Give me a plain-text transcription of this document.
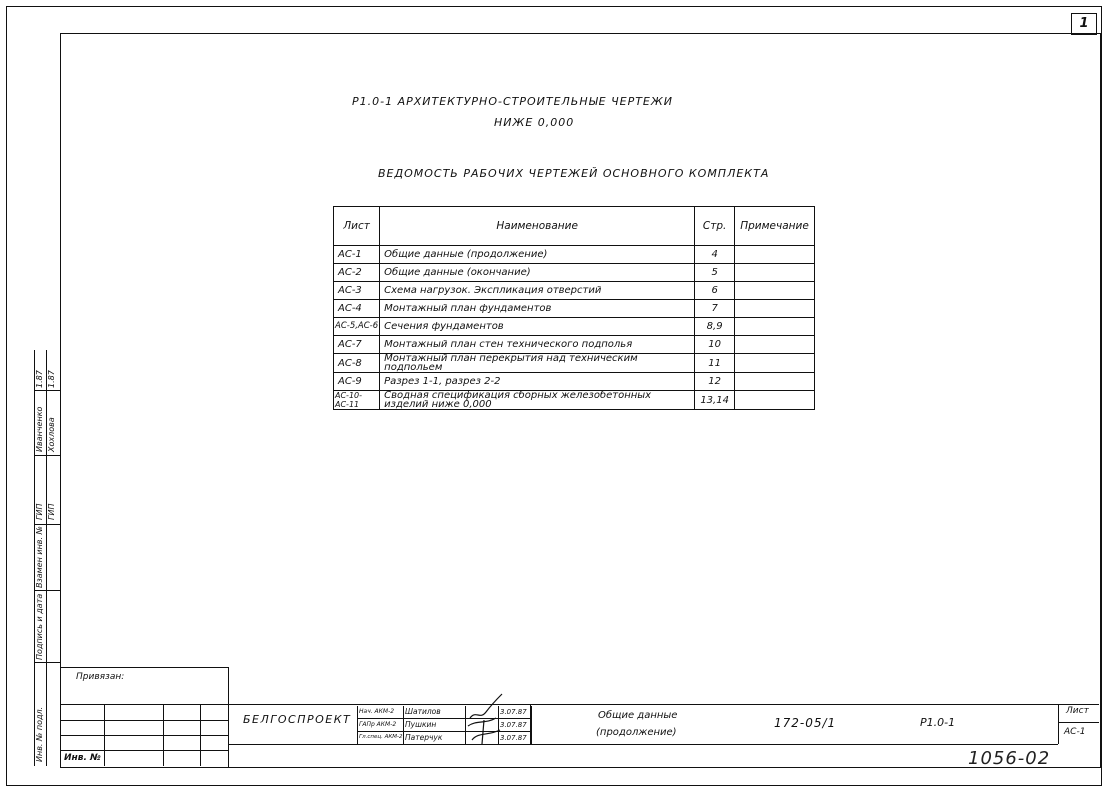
1
ГИП ГИП
Иванченко Хохлова
1.87 1.87
Взамен инв. №
Подпись и дата
Инв. № подл.
Р1.0-1 АРХИТЕКТУРНО-СТРОИТЕЛЬНЫЕ ЧЕРТЕЖИ
НИЖЕ 0,000
ВЕДОМОСТЬ РАБОЧИХ ЧЕРТЕЖЕЙ ОСНОВНОГО КОМПЛЕКТА
Лист	Наименование	Стр.	Примечание
АС-1	Общие данные (продолжение)	4	
АС-2	Общие данные (окончание)	5	
АС-3	Схема нагрузок. Экспликация отверстий	6	
АС-4	Монтажный план фундаментов	7	
АС-5,АС-6	Сечения фундаментов	8,9	
АС-7	Монтажный план стен технического подполья	10	
АС-8	Монтажный план перекрытия над техническим подпольем	11	
АС-9	Разрез 1-1, разрез 2-2	12	
АС-10-АС-11	Сводная спецификация сборных железобетонных изделий ниже 0,000	13,14	
Привязан:
Инв. №
БЕЛГОСПРОЕКТ
Нач. АКМ-2 Шатилов	3.07.87
ГАПр АКМ-2 Пушкин	3.07.87
Гл.спец. АКМ-2 Патерчук	3.07.87
Общие данные
(продолжение)
172-05/1	Р1.0-1
Лист
АС-1
1056-02
